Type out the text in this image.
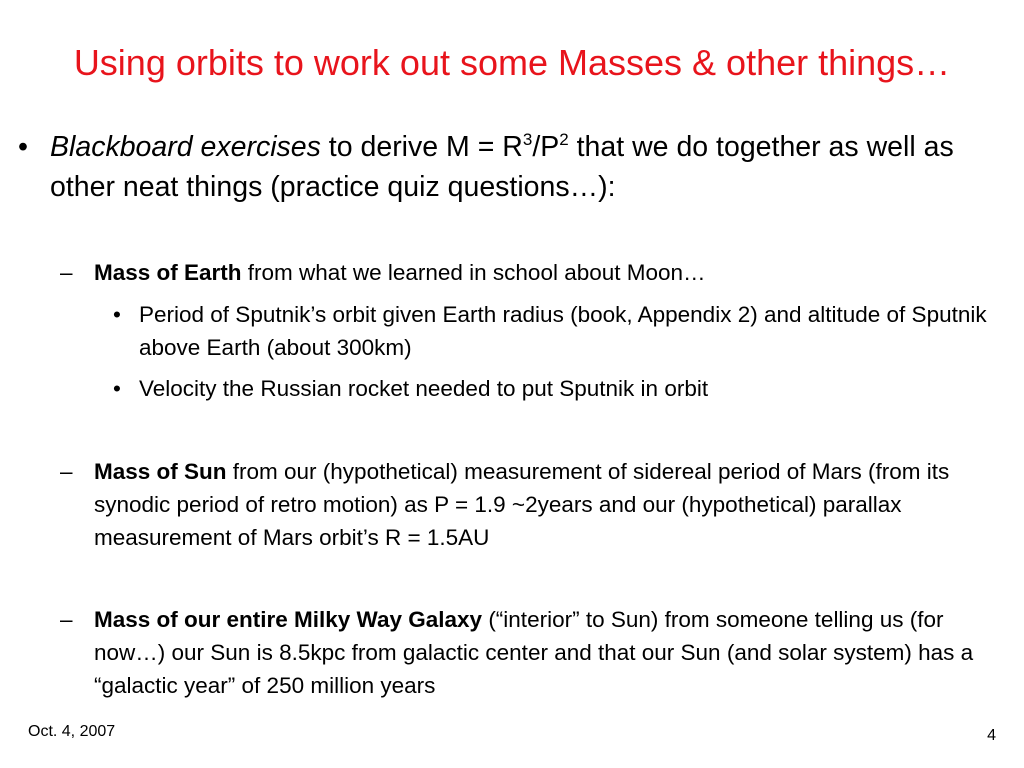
Using orbits to work out some Masses & other things…
• Blackboard exercises to derive $M = R^3/P^2$ that we do together as well as other neat things (practice quiz questions…):
– Mass of Earth from what we learned in school about Moon…
• Period of Sputnik’s orbit given Earth radius (book, Appendix 2) and altitude of Sputnik above Earth (about 300km)
• Velocity the Russian rocket needed to put Sputnik in orbit
– Mass of Sun from our (hypothetical) measurement of sidereal period of Mars (from its synodic period of retro motion) as P = 1.9 ~2years and our (hypothetical) parallax measurement of Mars orbit’s R = 1.5AU
– Mass of our entire Milky Way Galaxy (“interior” to Sun) from someone telling us (for now…) our Sun is 8.5kpc from galactic center and that our Sun (and solar system) has a “galactic year” of 250 million years
Oct. 4, 2007	4
